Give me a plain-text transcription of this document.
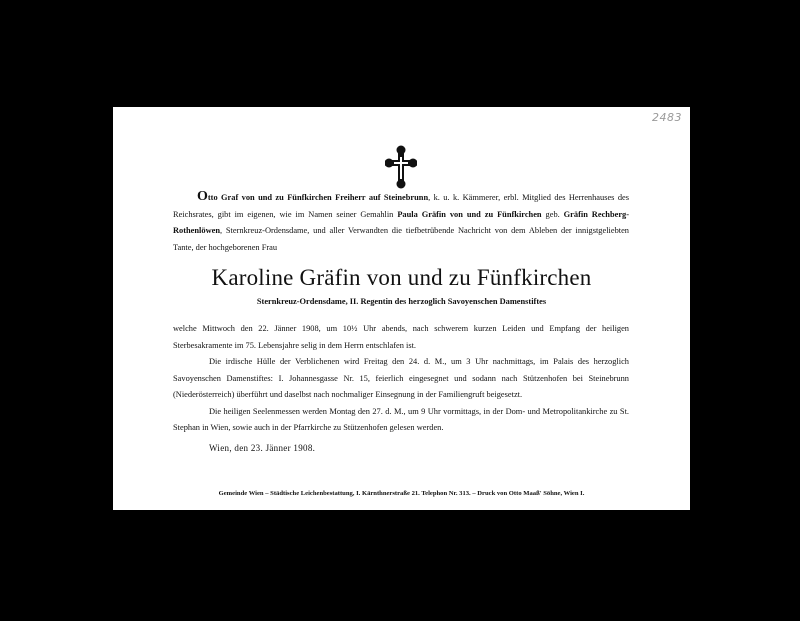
2483
Otto Graf von und zu Fünfkirchen Freiherr auf Steinebrunn, k. u. k. Kämmerer, erbl. Mitglied des Herrenhauses des Reichsrates, gibt im eigenen, wie im Namen seiner Gemahlin Paula Gräfin von und zu Fünfkirchen geb. Gräfin Rechberg-Rothenlöwen, Sternkreuz-Ordensdame, und aller Verwandten die tiefbetrübende Nachricht von dem Ableben der innigstgeliebten Tante, der hochgeborenen Frau
Karoline Gräfin von und zu Fünfkirchen
Sternkreuz-Ordensdame, II. Regentin des herzoglich Savoyenschen Damenstiftes
welche Mittwoch den 22. Jänner 1908, um 10½ Uhr abends, nach schwerem kurzen Leiden und Empfang der heiligen Sterbesakramente im 75. Lebensjahre selig in dem Herrn entschlafen ist.
Die irdische Hülle der Verblichenen wird Freitag den 24. d. M., um 3 Uhr nachmittags, im Palais des herzoglich Savoyenschen Damenstiftes: I. Johannesgasse Nr. 15, feierlich eingesegnet und sodann nach Stützenhofen bei Steinebrunn (Niederösterreich) überführt und daselbst nach nochmaliger Einsegnung in der Familiengruft beigesetzt.
Die heiligen Seelenmessen werden Montag den 27. d. M., um 9 Uhr vormittags, in der Dom- und Metropolitankirche zu St. Stephan in Wien, sowie auch in der Pfarrkirche zu Stützenhofen gelesen werden.
Wien, den 23. Jänner 1908.
Gemeinde Wien – Städtische Leichenbestattung, I. Kärnthnerstraße 21. Telephon Nr. 313. – Druck von Otto Maaß' Söhne, Wien I.
